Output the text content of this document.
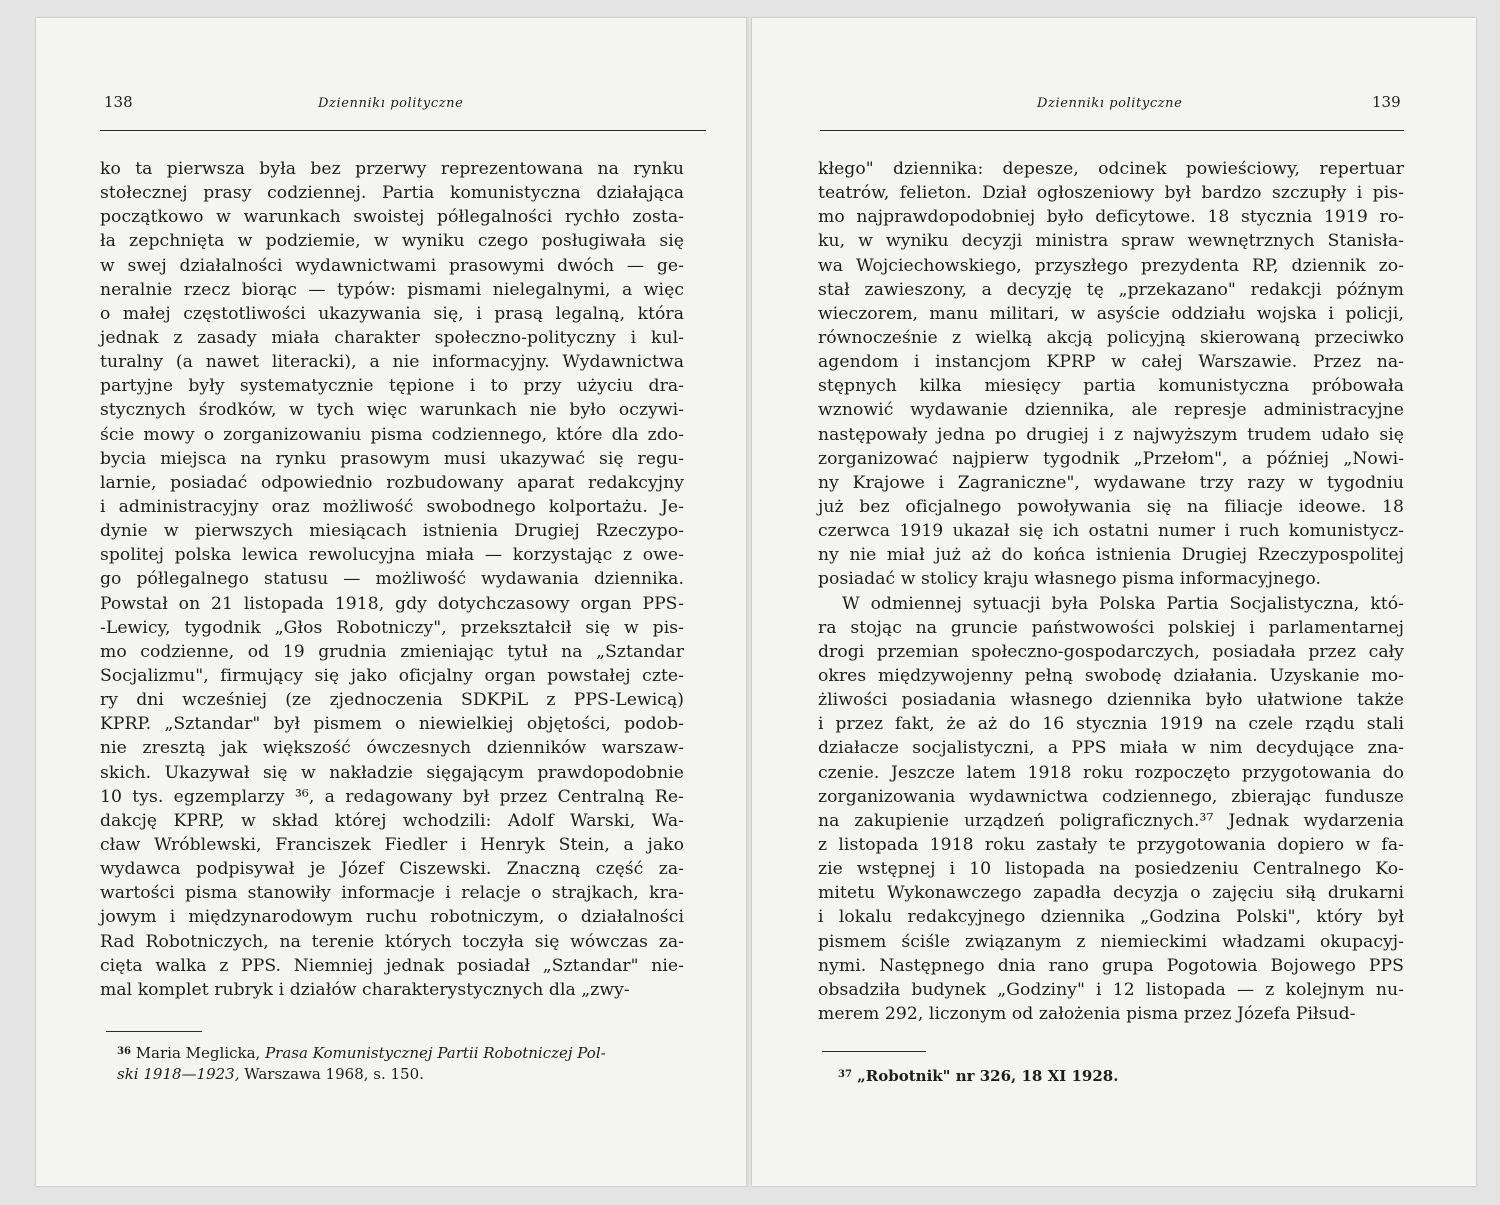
138	Dziennikı polityczne	Dziennikı polityczne	139
ko ta pierwsza była bez przerwy reprezentowana na rynku
stołecznej prasy codziennej. Partia komunistyczna działająca
początkowo w warunkach swoistej półlegalności rychło zosta-
ła zepchnięta w podziemie, w wyniku czego posługiwała się
w swej działalności wydawnictwami prasowymi dwóch — ge-
neralnie rzecz biorąc — typów: pismami nielegalnymi, a więc
o małej częstotliwości ukazywania się, i prasą legalną, która
jednak z zasady miała charakter społeczno-polityczny i kul-
turalny (a nawet literacki), a nie informacyjny. Wydawnictwa
partyjne były systematycznie tępione i to przy użyciu dra-
stycznych środków, w tych więc warunkach nie było oczywi-
ście mowy o zorganizowaniu pisma codziennego, które dla zdo-
bycia miejsca na rynku prasowym musi ukazywać się regu-
larnie, posiadać odpowiednio rozbudowany aparat redakcyjny
i administracyjny oraz możliwość swobodnego kolportażu. Je-
dynie w pierwszych miesiącach istnienia Drugiej Rzeczypo-
spolitej polska lewica rewolucyjna miała — korzystając z owe-
go półlegalnego statusu — możliwość wydawania dziennika.
Powstał on 21 listopada 1918, gdy dotychczasowy organ PPS-
-Lewicy, tygodnik „Głos Robotniczy", przekształcił się w pis-
mo codzienne, od 19 grudnia zmieniając tytuł na „Sztandar
Socjalizmu", firmujący się jako oficjalny organ powstałej czte-
ry dni wcześniej (ze zjednoczenia SDKPiL z PPS-Lewicą)
KPRP. „Sztandar" był pismem o niewielkiej objętości, podob-
nie zresztą jak większość ówczesnych dzienników warszaw-
skich. Ukazywał się w nakładzie sięgającym prawdopodobnie
10 tys. egzemplarzy ³⁶, a redagowany był przez Centralną Re-
dakcję KPRP, w skład której wchodzili: Adolf Warski, Wa-
cław Wróblewski, Franciszek Fiedler i Henryk Stein, a jako
wydawca podpisywał je Józef Ciszewski. Znaczną część za-
wartości pisma stanowiły informacje i relacje o strajkach, kra-
jowym i międzynarodowym ruchu robotniczym, o działalności
Rad Robotniczych, na terenie których toczyła się wówczas za-
cięta walka z PPS. Niemniej jednak posiadał „Sztandar" nie-
mal komplet rubryk i działów charakterystycznych dla „zwy-
kłego" dziennika: depesze, odcinek powieściowy, repertuar
teatrów, felieton. Dział ogłoszeniowy był bardzo szczupły i pis-
mo najprawdopodobniej było deficytowe. 18 stycznia 1919 ro-
ku, w wyniku decyzji ministra spraw wewnętrznych Stanisła-
wa Wojciechowskiego, przyszłego prezydenta RP, dziennik zo-
stał zawieszony, a decyzję tę „przekazano" redakcji późnym
wieczorem, manu militari, w asyście oddziału wojska i policji,
równocześnie z wielką akcją policyjną skierowaną przeciwko
agendom i instancjom KPRP w całej Warszawie. Przez na-
stępnych kilka miesięcy partia komunistyczna próbowała
wznowić wydawanie dziennika, ale represje administracyjne
następowały jedna po drugiej i z najwyższym trudem udało się
zorganizować najpierw tygodnik „Przełom", a później „Nowi-
ny Krajowe i Zagraniczne", wydawane trzy razy w tygodniu
już bez oficjalnego powoływania się na filiacje ideowe. 18
czerwca 1919 ukazał się ich ostatni numer i ruch komunistycz-
ny nie miał już aż do końca istnienia Drugiej Rzeczypospolitej
posiadać w stolicy kraju własnego pisma informacyjnego.
W odmiennej sytuacji była Polska Partia Socjalistyczna, któ-
ra stojąc na gruncie państwowości polskiej i parlamentarnej
drogi przemian społeczno-gospodarczych, posiadała przez cały
okres międzywojenny pełną swobodę działania. Uzyskanie mo-
żliwości posiadania własnego dziennika było ułatwione także
i przez fakt, że aż do 16 stycznia 1919 na czele rządu stali
działacze socjalistyczni, a PPS miała w nim decydujące zna-
czenie. Jeszcze latem 1918 roku rozpoczęto przygotowania do
zorganizowania wydawnictwa codziennego, zbierając fundusze
na zakupienie urządzeń poligraficznych.³⁷ Jednak wydarzenia
z listopada 1918 roku zastały te przygotowania dopiero w fa-
zie wstępnej i 10 listopada na posiedzeniu Centralnego Ko-
mitetu Wykonawczego zapadła decyzja o zajęciu siłą drukarni
i lokalu redakcyjnego dziennika „Godzina Polski", który był
pismem ściśle związanym z niemieckimi władzami okupacyj-
nymi. Następnego dnia rano grupa Pogotowia Bojowego PPS
obsadziła budynek „Godziny" i 12 listopada — z kolejnym nu-
merem 292, liczonym od założenia pisma przez Józefa Piłsud-
$^{36}$ Maria Meglicka, Prasa Komunistycznej Partii Robotniczej Pol-
ski 1918—1923, Warszawa 1968, s. 150.	$^{37}$ „Robotnik" nr 326, 18 XI 1928.
